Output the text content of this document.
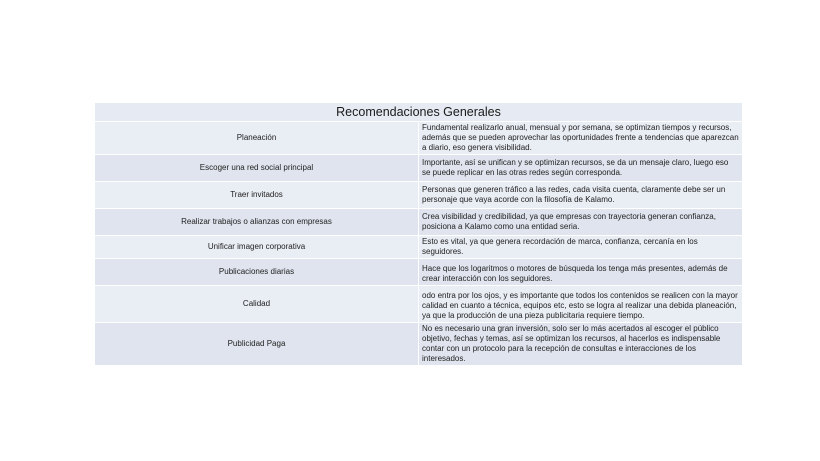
Recomendaciones Generales	
Planeación	Fundamental realizarlo anual, mensual y por semana, se optimizan tiempos y recursos, además que se pueden aprovechar las oportunidades frente a tendencias que aparezcan a diario, eso genera visibilidad.
Escoger una red social principal	Importante, así se unifican y se optimizan recursos, se da un mensaje claro, luego eso se puede replicar en las otras redes según corresponda.
Traer invitados	Personas que generen tráfico a las redes, cada visita cuenta, claramente debe ser un personaje que vaya acorde con la filosofía de Kalamo.
Realizar trabajos o alianzas con empresas	Crea visibilidad y credibilidad, ya que empresas con trayectoria generan confianza, posiciona a Kalamo como una entidad seria.
Unificar imagen corporativa	Esto es vital, ya que genera recordación de marca, confianza, cercanía en los seguidores.
Publicaciones diarias	Hace que los logaritmos o motores de búsqueda los tenga más presentes, además de crear interacción con los seguidores.
Calidad	odo entra por los ojos, y es importante que todos los contenidos se realicen con la mayor calidad en cuanto a técnica, equipos etc, esto se logra al realizar una debida planeación, ya que la producción de una pieza publicitaria requiere tiempo.
Publicidad Paga	No es necesario una gran inversión, solo ser lo más acertados al escoger el público objetivo, fechas y temas, así se optimizan los recursos, al hacerlos es indispensable contar con un protocolo para la recepción de consultas e interacciones de los interesados.
